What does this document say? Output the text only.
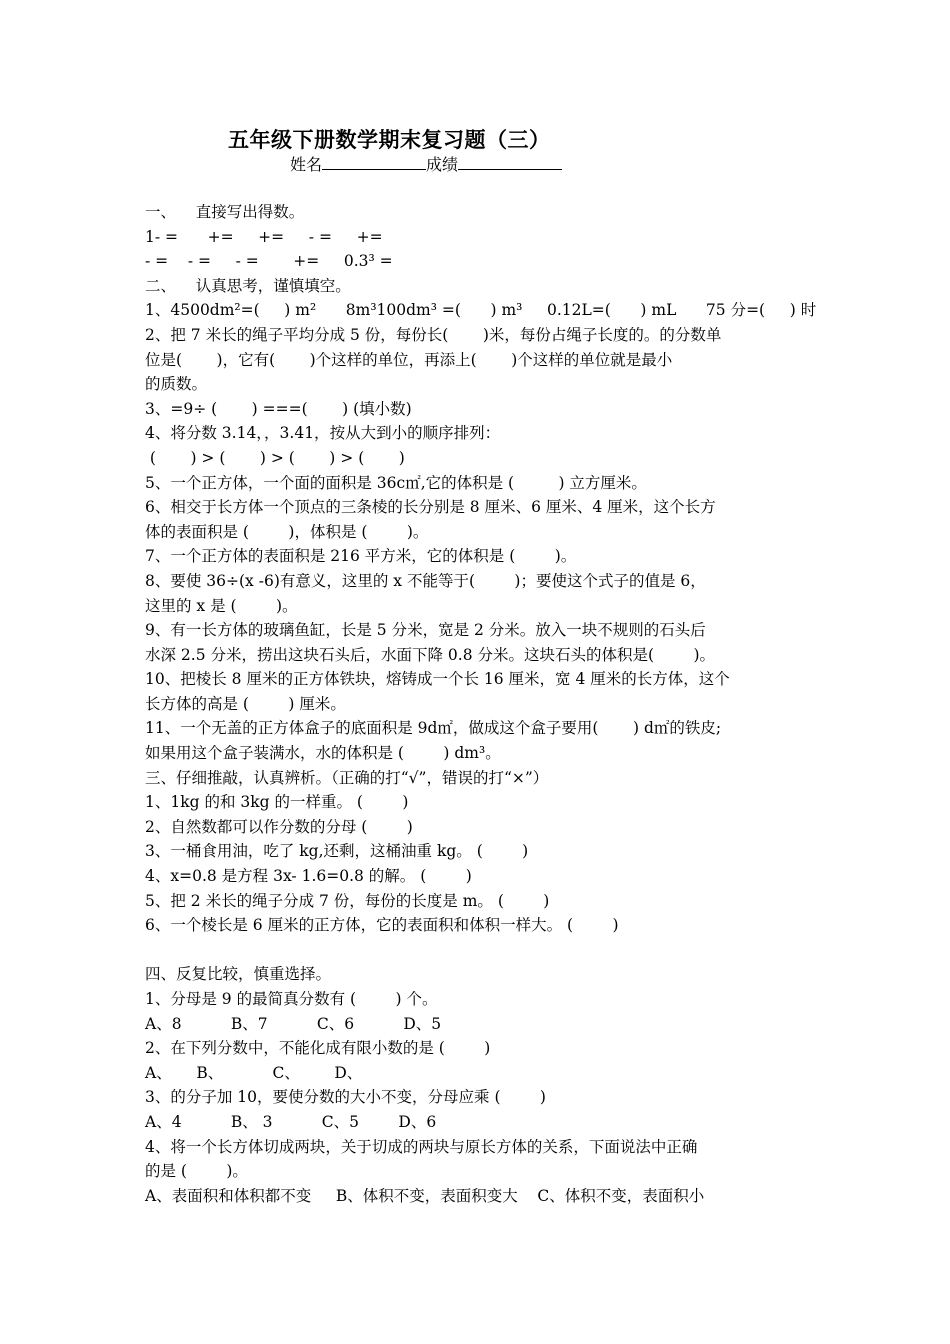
五年级下册数学期末复习题（三）
姓名	成绩
一、    直接写出得数。
1- =      +=     +=     - =     +=
- =    - =     - =       +=     0.3³ =
二、    认真思考，谨慎填空。
1、4500dm²=(     ) m²      8m³100dm³ =(      ) m³     0.12L=(      ) mL      75 分=(     ) 时
2、把 7 米长的绳子平均分成 5 份，每份长(       )米，每份占绳子长度的。的分数单
位是(       )，它有(       )个这样的单位，再添上(       )个这样的单位就是最小
的质数。
3、=9÷ (       ) ===(       ) (填小数)
4、将分数 3.14，，3.41，按从大到小的顺序排列：
(       ) > (       ) > (       ) > (       )
5、一个正方体，一个面的面积是 36c㎡,它的体积是 (         ) 立方厘米。
6、相交于长方体一个顶点的三条棱的长分别是 8 厘米、6 厘米、4 厘米，这个长方
体的表面积是 (        )，体积是 (        )。
7、一个正方体的表面积是 216 平方米，它的体积是 (        )。
8、要使 36÷(x -6)有意义，这里的 x 不能等于(        )；要使这个式子的值是 6，
这里的 x 是 (        )。
9、有一长方体的玻璃鱼缸，长是 5 分米，宽是 2 分米。放入一块不规则的石头后
水深 2.5 分米，捞出这块石头后，水面下降 0.8 分米。这块石头的体积是(        )。
10、把棱长 8 厘米的正方体铁块，熔铸成一个长 16 厘米，宽 4 厘米的长方体，这个
长方体的高是 (        ) 厘米。
11、一个无盖的正方体盒子的底面积是 9d㎡，做成这个盒子要用(       ) d㎡的铁皮;
如果用这个盒子装满水，水的体积是 (        ) dm³。
三、仔细推敲，认真辨析。（正确的打“√”，错误的打“×”）
1、1kg 的和 3kg 的一样重。 (        )
2、自然数都可以作分数的分母 (        )
3、一桶食用油，吃了 kg,还剩，这桶油重 kg。 (        )
4、x=0.8 是方程 3x- 1.6=0.8 的解。 (        )
5、把 2 米长的绳子分成 7 份，每份的长度是 m。 (        )
6、一个棱长是 6 厘米的正方体，它的表面积和体积一样大。 (        )
四、反复比较，慎重选择。
1、分母是 9 的最简真分数有 (        ) 个。
A、8          B、7          C、6          D、5
2、在下列分数中，不能化成有限小数的是 (        )
A、     B、          C、       D、
3、的分子加 10，要使分数的大小不变，分母应乘 (        )
A、4          B、 3          C、5        D、6
4、将一个长方体切成两块，关于切成的两块与原长方体的关系，下面说法中正确
的是 (        )。
A、表面积和体积都不变     B、体积不变，表面积变大    C、体积不变，表面积小
